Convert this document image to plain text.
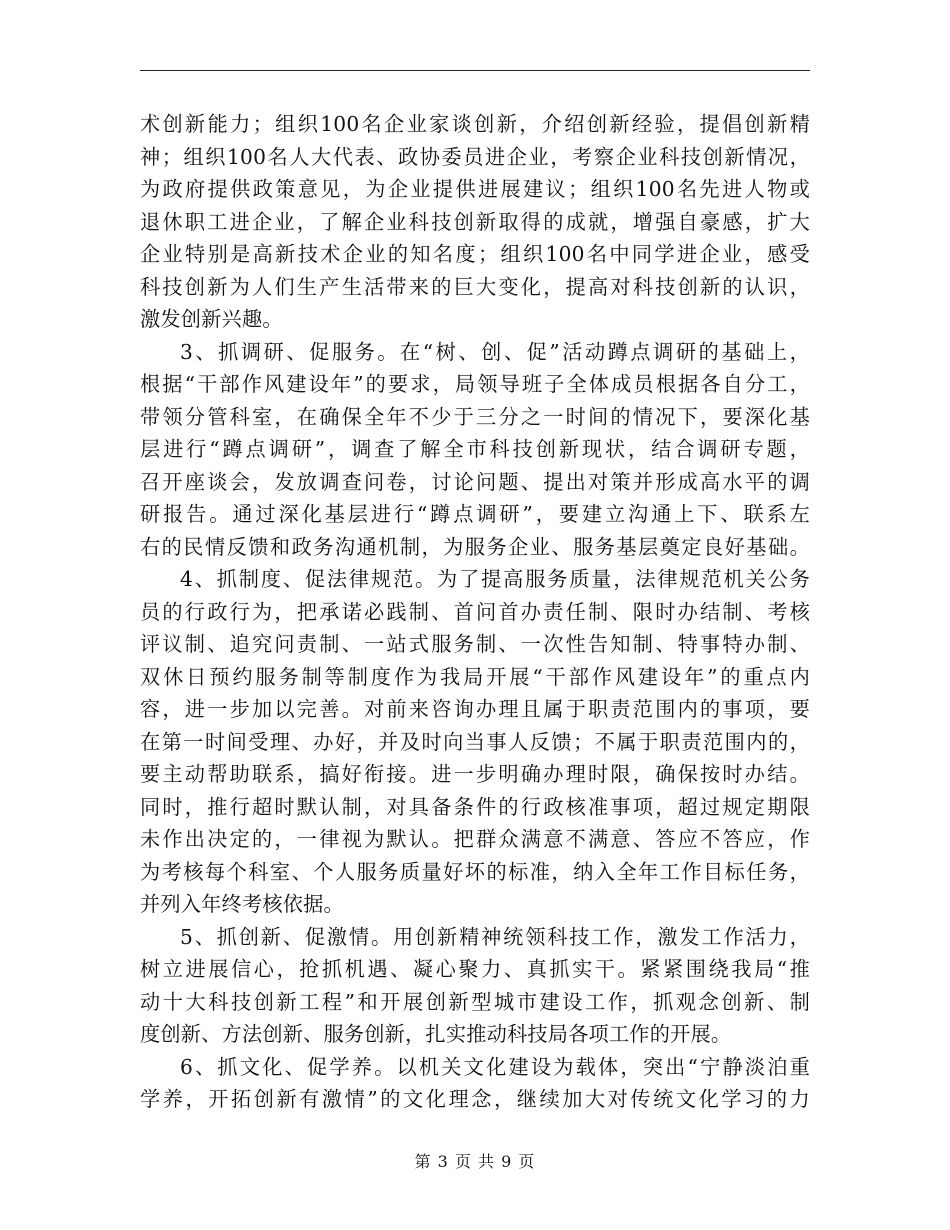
术创新能力；组织100名企业家谈创新，介绍创新经验，提倡创新精
神；组织100名人大代表、政协委员进企业，考察企业科技创新情况，
为政府提供政策意见，为企业提供进展建议；组织100名先进人物或
退休职工进企业，了解企业科技创新取得的成就，增强自豪感，扩大
企业特别是高新技术企业的知名度；组织100名中同学进企业，感受
科技创新为人们生产生活带来的巨大变化，提高对科技创新的认识，
激发创新兴趣。
3、抓调研、促服务。在“树、创、促”活动蹲点调研的基础上，
根据“干部作风建设年”的要求，局领导班子全体成员根据各自分工，
带领分管科室，在确保全年不少于三分之一时间的情况下，要深化基
层进行“蹲点调研”，调查了解全市科技创新现状，结合调研专题，
召开座谈会，发放调查问卷，讨论问题、提出对策并形成高水平的调
研报告。通过深化基层进行“蹲点调研”，要建立沟通上下、联系左
右的民情反馈和政务沟通机制，为服务企业、服务基层奠定良好基础。
4、抓制度、促法律规范。为了提高服务质量，法律规范机关公务
员的行政行为，把承诺必践制、首问首办责任制、限时办结制、考核
评议制、追究问责制、一站式服务制、一次性告知制、特事特办制、
双休日预约服务制等制度作为我局开展“干部作风建设年”的重点内
容，进一步加以完善。对前来咨询办理且属于职责范围内的事项，要
在第一时间受理、办好，并及时向当事人反馈；不属于职责范围内的，
要主动帮助联系，搞好衔接。进一步明确办理时限，确保按时办结。
同时，推行超时默认制，对具备条件的行政核准事项，超过规定期限
未作出决定的，一律视为默认。把群众满意不满意、答应不答应，作
为考核每个科室、个人服务质量好坏的标准，纳入全年工作目标任务，
并列入年终考核依据。
5、抓创新、促激情。用创新精神统领科技工作，激发工作活力，
树立进展信心，抢抓机遇、凝心聚力、真抓实干。紧紧围绕我局“推
动十大科技创新工程”和开展创新型城市建设工作，抓观念创新、制
度创新、方法创新、服务创新，扎实推动科技局各项工作的开展。
6、抓文化、促学养。以机关文化建设为载体，突出“宁静淡泊重
学养，开拓创新有激情”的文化理念，继续加大对传统文化学习的力
第 3 页 共 9 页
